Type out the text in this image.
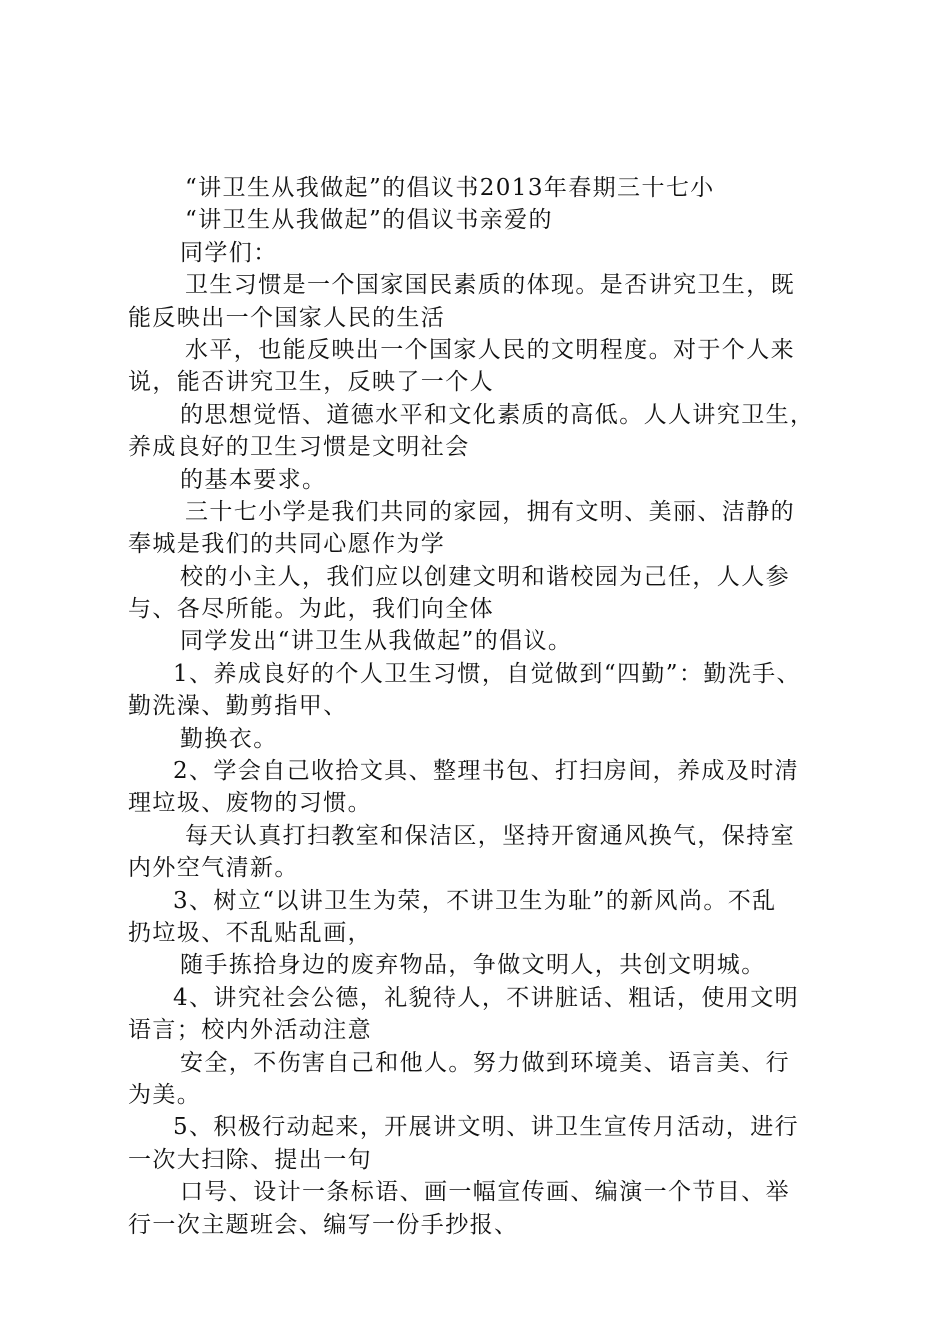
“讲卫生从我做起”的倡议书2013年春期三十七小
“讲卫生从我做起”的倡议书亲爱的
同学们：
卫生习惯是一个国家国民素质的体现。是否讲究卫生，既
能反映出一个国家人民的生活
水平，也能反映出一个国家人民的文明程度。对于个人来
说，能否讲究卫生，反映了一个人
的思想觉悟、道德水平和文化素质的高低。人人讲究卫生，
养成良好的卫生习惯是文明社会
的基本要求。
三十七小学是我们共同的家园，拥有文明、美丽、洁静的
奉城是我们的共同心愿作为学
校的小主人，我们应以创建文明和谐校园为己任，人人参
与、各尽所能。为此，我们向全体
同学发出“讲卫生从我做起”的倡议。
1、养成良好的个人卫生习惯，自觉做到“四勤”：勤洗手、
勤洗澡、勤剪指甲、
勤换衣。
2、学会自己收拾文具、整理书包、打扫房间，养成及时清
理垃圾、废物的习惯。
每天认真打扫教室和保洁区，坚持开窗通风换气，保持室
内外空气清新。
3、树立“以讲卫生为荣，不讲卫生为耻”的新风尚。不乱
扔垃圾、不乱贴乱画，
随手拣拾身边的废弃物品，争做文明人，共创文明城。
4、讲究社会公德，礼貌待人，不讲脏话、粗话，使用文明
语言；校内外活动注意
安全，不伤害自己和他人。努力做到环境美、语言美、行
为美。
5、积极行动起来，开展讲文明、讲卫生宣传月活动，进行
一次大扫除、提出一句
口号、设计一条标语、画一幅宣传画、编演一个节目、举
行一次主题班会、编写一份手抄报、
